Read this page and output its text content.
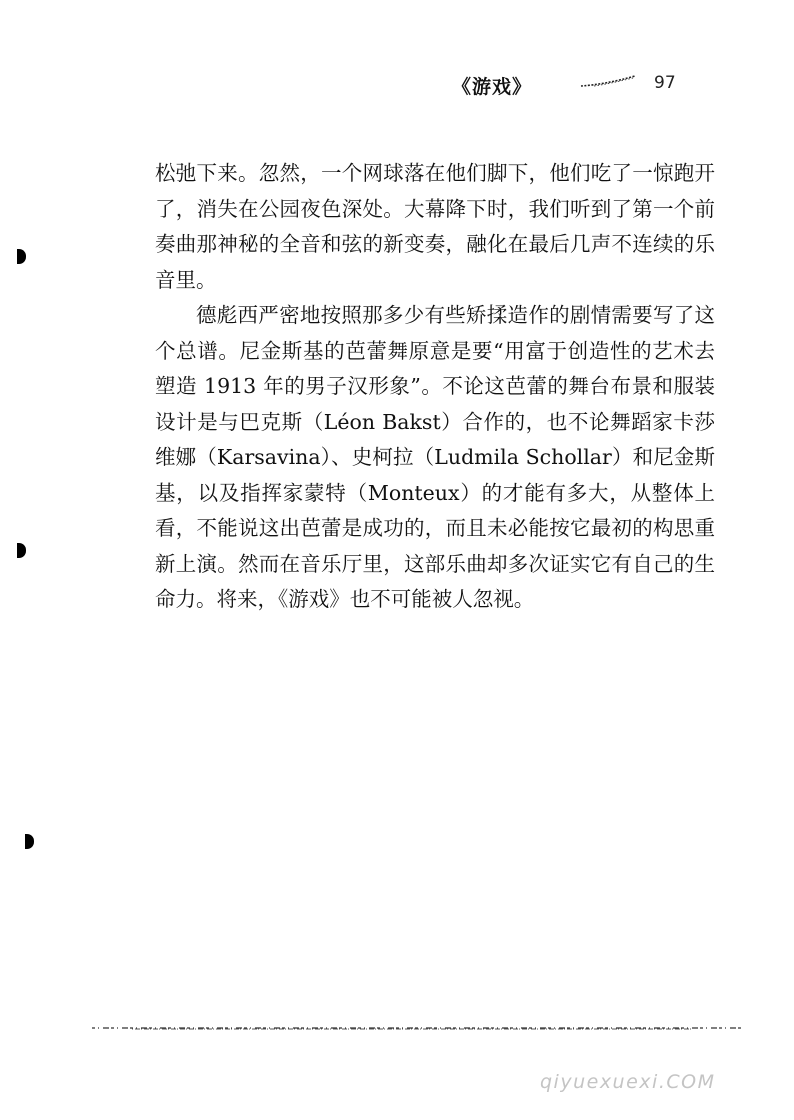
《游戏》	97

松弛下来。忽然，一个网球落在他们脚下，他们吃了一惊跑开了，消失在公园夜色深处。大幕降下时，我们听到了第一个前奏曲那神秘的全音和弦的新变奏，融化在最后几声不连续的乐音里。

德彪西严密地按照那多少有些矫揉造作的剧情需要写了这个总谱。尼金斯基的芭蕾舞原意是要“用富于创造性的艺术去塑造 1913 年的男子汉形象”。不论这芭蕾的舞台布景和服装设计是与巴克斯（Léon Bakst）合作的，也不论舞蹈家卡莎维娜（Karsavina）、史柯拉（Ludmila Schollar）和尼金斯基，以及指挥家蒙特（Monteux）的才能有多大，从整体上看，不能说这出芭蕾是成功的，而且未必能按它最初的构思重新上演。然而在音乐厅里，这部乐曲却多次证实它有自己的生命力。将来，《游戏》也不可能被人忽视。

qiyuexuexi.COM
